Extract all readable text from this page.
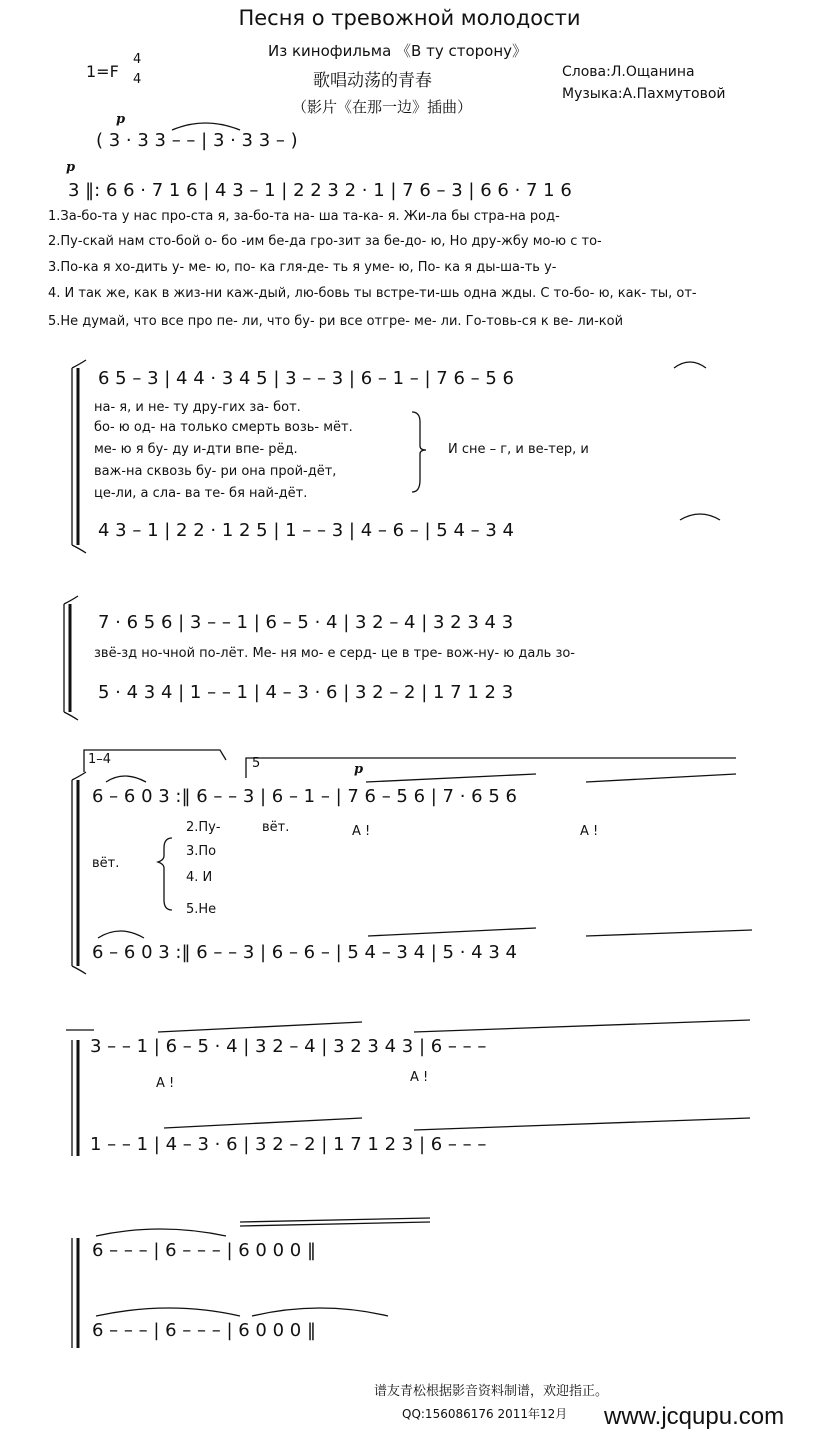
Песня о тревожной молодости
Из кинофильма 《В ту сторону》
1=F
4
4	歌唱动荡的青春
（影片《在那一边》插曲）
Слова:Л.Ощанина
Музыка:А.Пахмутовой
p
( 3 · 3 3 – – | 3 · 3 3 – )
p
3 ‖: 6 6 · 7 1 6 | 4 3 – 1 | 2 2 3 2 · 1 | 7 6 – 3 | 6 6 · 7 1 6
1.За-бо-та у нас про-ста я, за-бо-та на- ша та-ка- я. Жи-ла бы стра-на род-
2.Пу-скай нам сто-бой о- бо -им бе-да гро-зит за бе-до- ю, Но дру-жбу мо-ю с то-
3.По-ка я хо-дить у- ме- ю, по- ка гля-де- ть я уме- ю, По- ка я ды-ша-ть у-
4. И так же, как в жиз-ни каж-дый, лю-бовь ты встре-ти-шь одна жды. С то-бо- ю, как- ты, от-
5.Не думай, что все про пе- ли, что бу- ри все отгре- ме- ли. Го-товь-ся к ве- ли-кой
6 5 – 3 | 4 4 · 3 4 5 | 3 – – 3 | 6 – 1 – | 7 6 – 5 6
на- я, и не- ту дру-гих за- бот.
бо- ю од- на только смерть возь- мёт.
ме- ю я бу- ду и-дти впе- рёд.
важ-на сквозь бу- ри она прой-дёт,
це-ли, а сла- ва те- бя най-дёт.
И сне – г, и ве-тер, и
4 3 – 1 | 2 2 · 1 2 5 | 1 – – 3 | 4 – 6 – | 5 4 – 3 4
7 · 6 5 6 | 3 – – 1 | 6 – 5 · 4 | 3 2 – 4 | 3 2 3 4 3
звё-зд но-чной по-лёт. Ме- ня мо- е серд- це в тре- вож-ну- ю даль зо-
5 · 4 3 4 | 1 – – 1 | 4 – 3 · 6 | 3 2 – 2 | 1 7 1 2 3
1–4	5	p
6 – 6 0 3 :‖ 6 – – 3 | 6 – 1 – | 7 6 – 5 6 | 7 · 6 5 6
2.Пу-
3.По
4. И
5.Не
вёт.
вёт.
А !	А !
6 – 6 0 3 :‖ 6 – – 3 | 6 – 6 – | 5 4 – 3 4 | 5 · 4 3 4
3 – – 1 | 6 – 5 · 4 | 3 2 – 4 | 3 2 3 4 3 | 6 – – –
А !	А !
1 – – 1 | 4 – 3 · 6 | 3 2 – 2 | 1 7 1 2 3 | 6 – – –
6 – – – | 6 – – – | 6 0 0 0 ‖
6 – – – | 6 – – – | 6 0 0 0 ‖
谱友青松根据影音资料制谱，欢迎指正。
QQ:156086176 2011年12月 www.jcqupu.com
